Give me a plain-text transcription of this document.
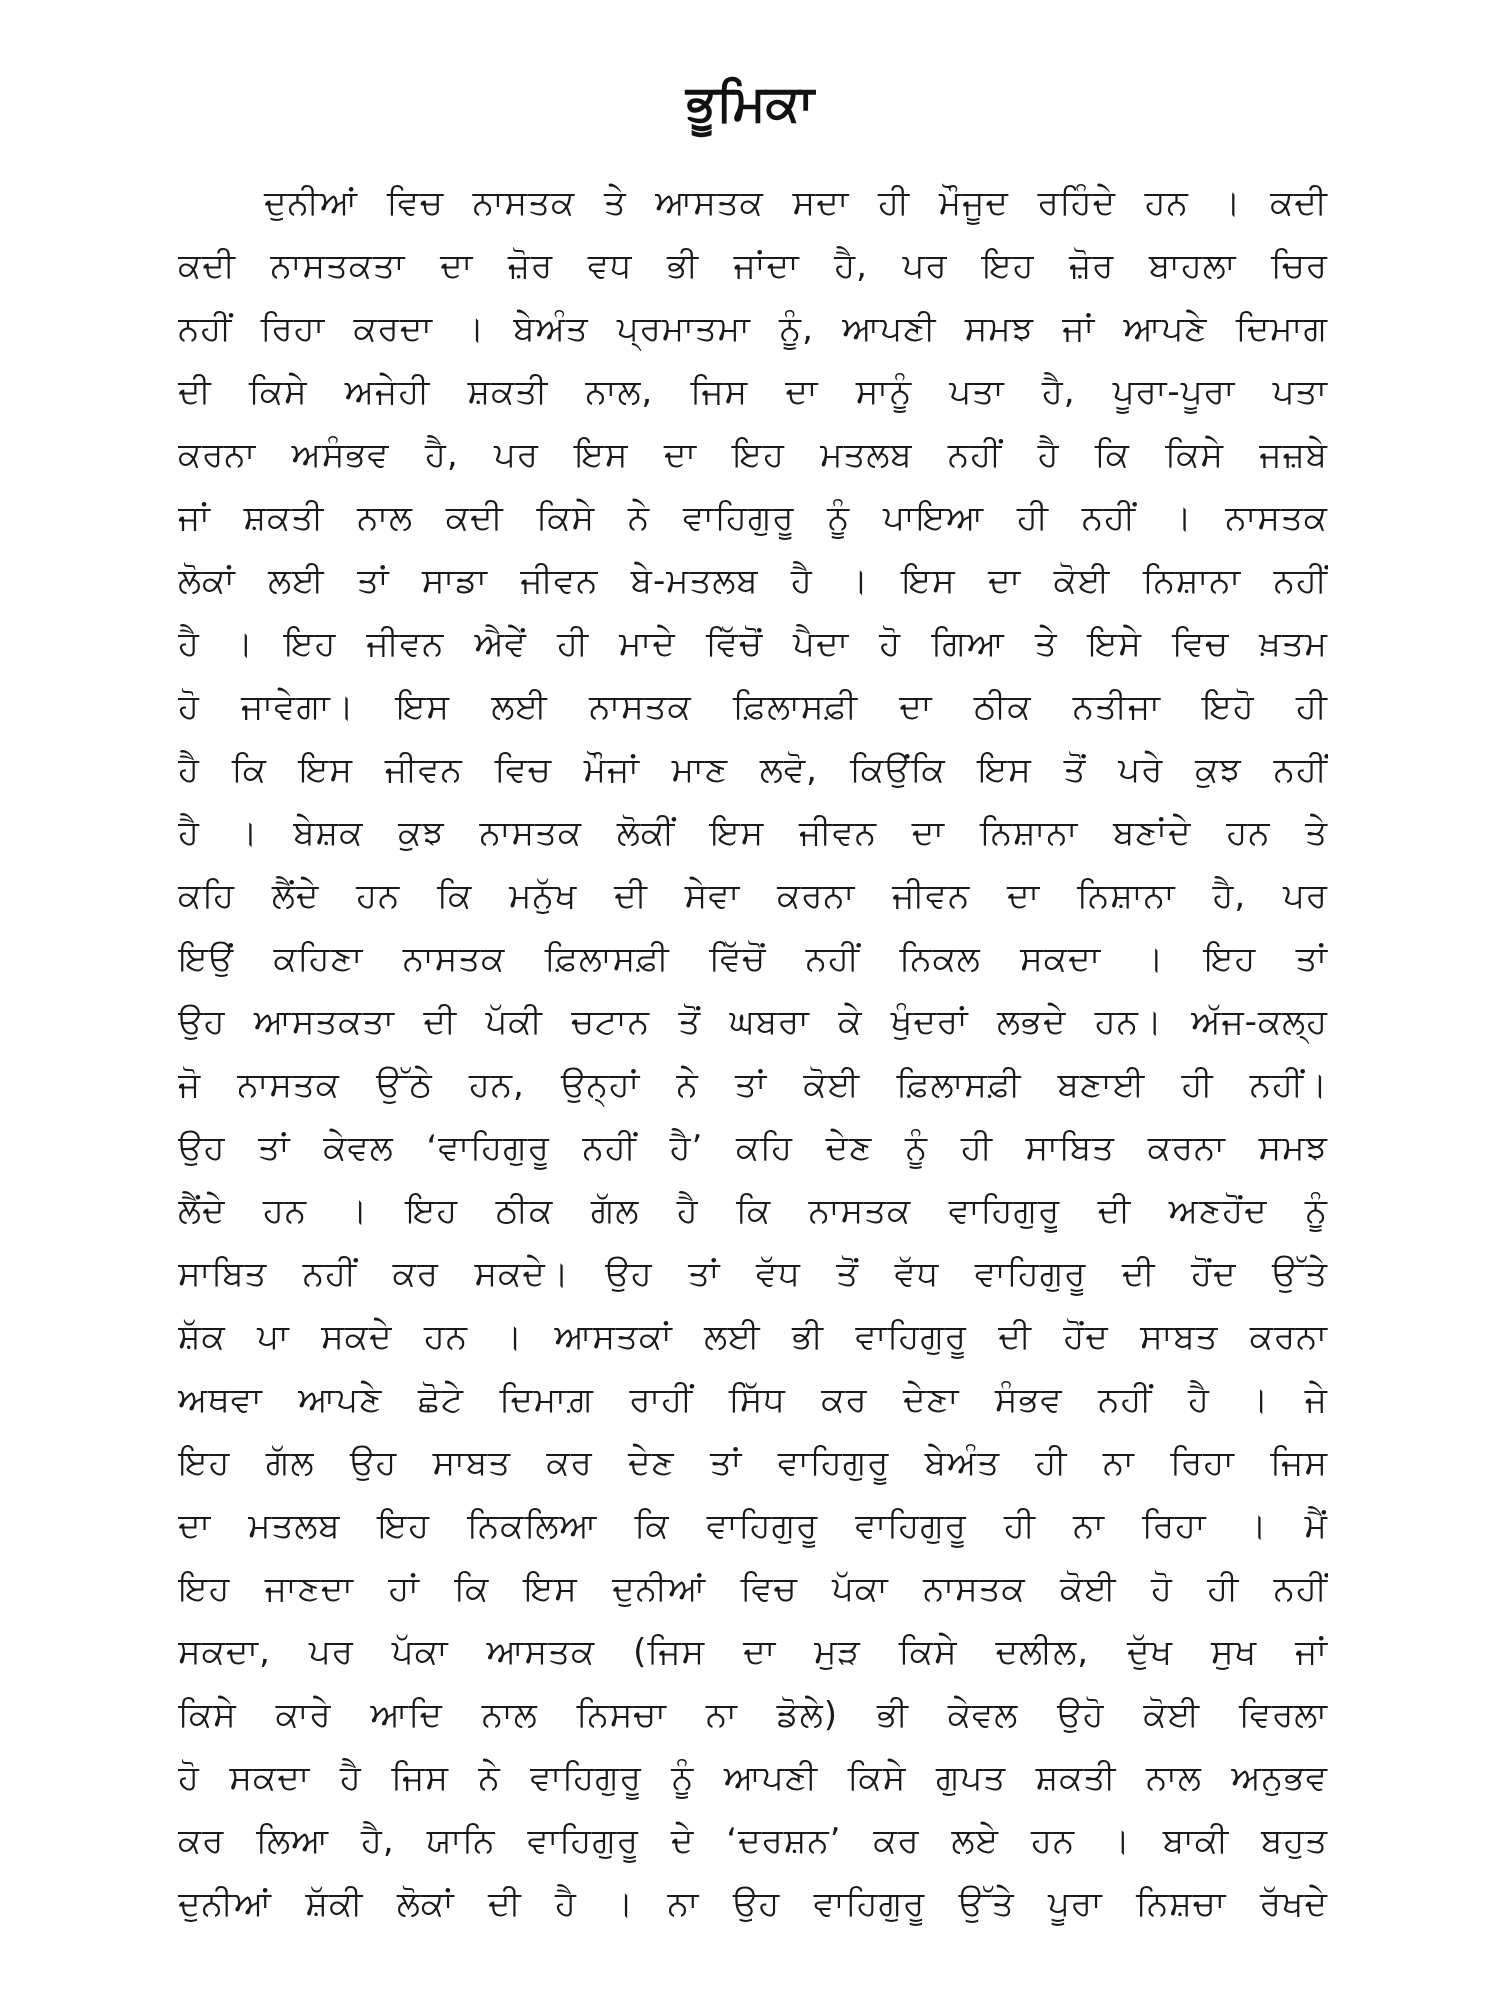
ਭੂਮਿਕਾ
ਦੁਨੀਆਂ ਵਿਚ ਨਾਸਤਕ ਤੇ ਆਸਤਕ ਸਦਾ ਹੀ ਮੌਜੂਦ ਰਹਿੰਦੇ ਹਨ । ਕਦੀ
ਕਦੀ ਨਾਸਤਕਤਾ ਦਾ ਜ਼ੋਰ ਵਧ ਭੀ ਜਾਂਦਾ ਹੈ, ਪਰ ਇਹ ਜ਼ੋਰ ਬਾਹਲਾ ਚਿਰ
ਨਹੀਂ ਰਿਹਾ ਕਰਦਾ । ਬੇਅੰਤ ਪ੍ਰਮਾਤਮਾ ਨੂੰ, ਆਪਣੀ ਸਮਝ ਜਾਂ ਆਪਣੇ ਦਿਮਾਗ
ਦੀ ਕਿਸੇ ਅਜੇਹੀ ਸ਼ਕਤੀ ਨਾਲ, ਜਿਸ ਦਾ ਸਾਨੂੰ ਪਤਾ ਹੈ, ਪੂਰਾ-ਪੂਰਾ ਪਤਾ
ਕਰਨਾ ਅਸੰਭਵ ਹੈ, ਪਰ ਇਸ ਦਾ ਇਹ ਮਤਲਬ ਨਹੀਂ ਹੈ ਕਿ ਕਿਸੇ ਜਜ਼ਬੇ
ਜਾਂ ਸ਼ਕਤੀ ਨਾਲ ਕਦੀ ਕਿਸੇ ਨੇ ਵਾਹਿਗੁਰੂ ਨੂੰ ਪਾਇਆ ਹੀ ਨਹੀਂ । ਨਾਸਤਕ
ਲੋਕਾਂ ਲਈ ਤਾਂ ਸਾਡਾ ਜੀਵਨ ਬੇ-ਮਤਲਬ ਹੈ । ਇਸ ਦਾ ਕੋਈ ਨਿਸ਼ਾਨਾ ਨਹੀਂ
ਹੈ । ਇਹ ਜੀਵਨ ਐਵੇਂ ਹੀ ਮਾਦੇ ਵਿੱਚੋਂ ਪੈਦਾ ਹੋ ਗਿਆ ਤੇ ਇਸੇ ਵਿਚ ਖ਼ਤਮ
ਹੋ ਜਾਵੇਗਾ। ਇਸ ਲਈ ਨਾਸਤਕ ਫ਼ਿਲਾਸਫ਼ੀ ਦਾ ਠੀਕ ਨਤੀਜਾ ਇਹੋ ਹੀ
ਹੈ ਕਿ ਇਸ ਜੀਵਨ ਵਿਚ ਮੌਜਾਂ ਮਾਣ ਲਵੋ, ਕਿਉਂਕਿ ਇਸ ਤੋਂ ਪਰੇ ਕੁਝ ਨਹੀਂ
ਹੈ । ਬੇਸ਼ਕ ਕੁਝ ਨਾਸਤਕ ਲੋਕੀਂ ਇਸ ਜੀਵਨ ਦਾ ਨਿਸ਼ਾਨਾ ਬਣਾਂਦੇ ਹਨ ਤੇ
ਕਹਿ ਲੈਂਦੇ ਹਨ ਕਿ ਮਨੁੱਖ ਦੀ ਸੇਵਾ ਕਰਨਾ ਜੀਵਨ ਦਾ ਨਿਸ਼ਾਨਾ ਹੈ, ਪਰ
ਇਉਂ ਕਹਿਣਾ ਨਾਸਤਕ ਫ਼ਿਲਾਸਫ਼ੀ ਵਿੱਚੋਂ ਨਹੀਂ ਨਿਕਲ ਸਕਦਾ । ਇਹ ਤਾਂ
ਉਹ ਆਸਤਕਤਾ ਦੀ ਪੱਕੀ ਚਟਾਨ ਤੋਂ ਘਬਰਾ ਕੇ ਖੁੰਦਰਾਂ ਲਭਦੇ ਹਨ। ਅੱਜ-ਕਲ੍ਹ
ਜੋ ਨਾਸਤਕ ਉੱਠੇ ਹਨ, ਉਨ੍ਹਾਂ ਨੇ ਤਾਂ ਕੋਈ ਫ਼ਿਲਾਸਫ਼ੀ ਬਣਾਈ ਹੀ ਨਹੀਂ।
ਉਹ ਤਾਂ ਕੇਵਲ ‘ਵਾਹਿਗੁਰੂ ਨਹੀਂ ਹੈ’ ਕਹਿ ਦੇਣ ਨੂੰ ਹੀ ਸਾਬਿਤ ਕਰਨਾ ਸਮਝ
ਲੈਂਦੇ ਹਨ । ਇਹ ਠੀਕ ਗੱਲ ਹੈ ਕਿ ਨਾਸਤਕ ਵਾਹਿਗੁਰੂ ਦੀ ਅਣਹੋਂਦ ਨੂੰ
ਸਾਬਿਤ ਨਹੀਂ ਕਰ ਸਕਦੇ। ਉਹ ਤਾਂ ਵੱਧ ਤੋਂ ਵੱਧ ਵਾਹਿਗੁਰੂ ਦੀ ਹੋਂਦ ਉੱਤੇ
ਸ਼ੱਕ ਪਾ ਸਕਦੇ ਹਨ । ਆਸਤਕਾਂ ਲਈ ਭੀ ਵਾਹਿਗੁਰੂ ਦੀ ਹੋਂਦ ਸਾਬਤ ਕਰਨਾ
ਅਥਵਾ ਆਪਣੇ ਛੋਟੇ ਦਿਮਾਗ਼ ਰਾਹੀਂ ਸਿੱਧ ਕਰ ਦੇਣਾ ਸੰਭਵ ਨਹੀਂ ਹੈ । ਜੇ
ਇਹ ਗੱਲ ਉਹ ਸਾਬਤ ਕਰ ਦੇਣ ਤਾਂ ਵਾਹਿਗੁਰੂ ਬੇਅੰਤ ਹੀ ਨਾ ਰਿਹਾ ਜਿਸ
ਦਾ ਮਤਲਬ ਇਹ ਨਿਕਲਿਆ ਕਿ ਵਾਹਿਗੁਰੂ ਵਾਹਿਗੁਰੂ ਹੀ ਨਾ ਰਿਹਾ । ਮੈਂ
ਇਹ ਜਾਣਦਾ ਹਾਂ ਕਿ ਇਸ ਦੁਨੀਆਂ ਵਿਚ ਪੱਕਾ ਨਾਸਤਕ ਕੋਈ ਹੋ ਹੀ ਨਹੀਂ
ਸਕਦਾ, ਪਰ ਪੱਕਾ ਆਸਤਕ (ਜਿਸ ਦਾ ਮੁੜ ਕਿਸੇ ਦਲੀਲ, ਦੁੱਖ ਸੁਖ ਜਾਂ
ਕਿਸੇ ਕਾਰੇ ਆਦਿ ਨਾਲ ਨਿਸਚਾ ਨਾ ਡੋਲੇ) ਭੀ ਕੇਵਲ ਉਹੋ ਕੋਈ ਵਿਰਲਾ
ਹੋ ਸਕਦਾ ਹੈ ਜਿਸ ਨੇ ਵਾਹਿਗੁਰੂ ਨੂੰ ਆਪਣੀ ਕਿਸੇ ਗੁਪਤ ਸ਼ਕਤੀ ਨਾਲ ਅਨੁਭਵ
ਕਰ ਲਿਆ ਹੈ, ਯਾਨਿ ਵਾਹਿਗੁਰੂ ਦੇ ‘ਦਰਸ਼ਨ’ ਕਰ ਲਏ ਹਨ । ਬਾਕੀ ਬਹੁਤ
ਦੁਨੀਆਂ ਸ਼ੱਕੀ ਲੋਕਾਂ ਦੀ ਹੈ । ਨਾ ਉਹ ਵਾਹਿਗੁਰੂ ਉੱਤੇ ਪੂਰਾ ਨਿਸ਼ਚਾ ਰੱਖਦੇ
